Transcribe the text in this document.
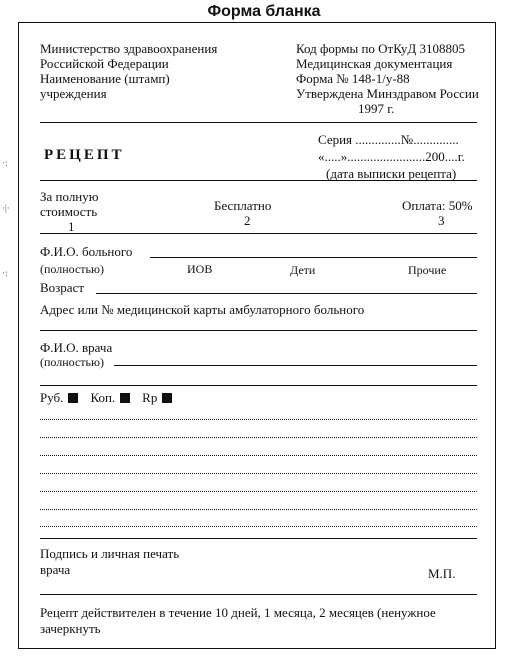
Форма бланка
·:
·|·
·:
Министерство здравоохранения
Российской Федерации
Наименование (штамп)
учреждения
Код формы по ОтКуД 3108805
Медицинская документация
Форма № 148-1/у-88
Утверждена Минздравом России
1997 г.
Серия ..............№..............
«.....»........................200....г.
(дата выписки рецепта)
РЕЦЕПТ
За полную
стоимость
1
Бесплатно
2
Оплата: 50%
3
Ф.И.О. больного
(полностью)	ИОВ	Дети	Прочие
Возраст
Адрес или № медицинской карты амбулаторного больного
Ф.И.О. врача
(полностью)
Руб. Коп. Rp
Подпись и личная печать
врача	М.П.
Рецепт действителен в течение 10 дней, 1 месяца, 2 месяцев (ненужное
зачеркнуть
